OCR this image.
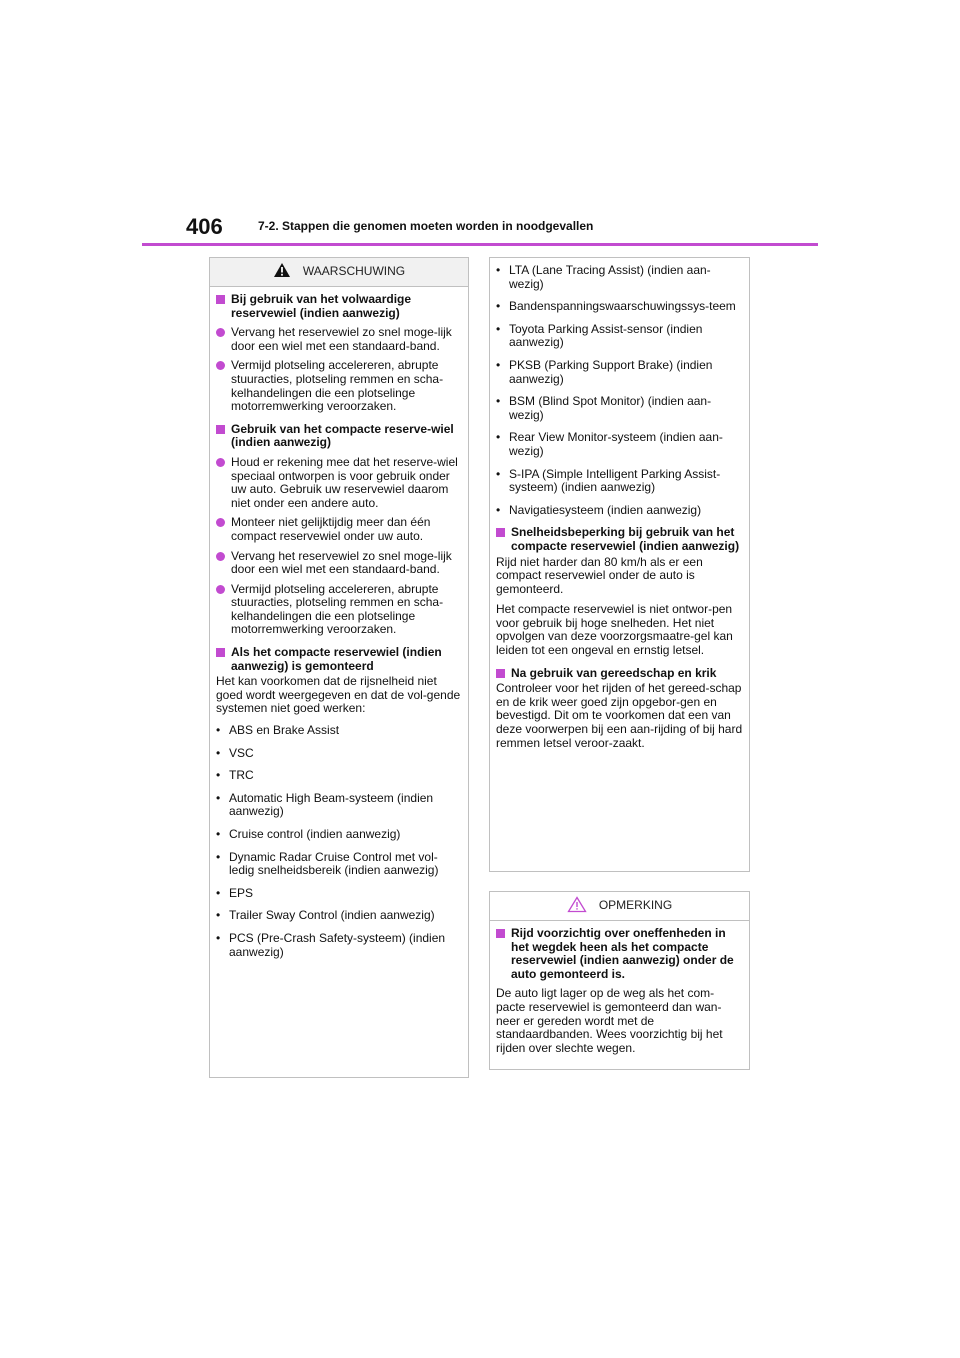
406	7-2. Stappen die genomen moeten worden in noodgevallen
WAARSCHUWING
Bij gebruik van het volwaardige reservewiel (indien aanwezig)
Vervang het reservewiel zo snel moge-lijk door een wiel met een standaard-band.
Vermijd plotseling accelereren, abrupte stuuracties, plotseling remmen en scha-kelhandelingen die een plotselinge motorremwerking veroorzaken.
Gebruik van het compacte reserve-wiel (indien aanwezig)
Houd er rekening mee dat het reserve-wiel speciaal ontworpen is voor gebruik onder uw auto. Gebruik uw reservewiel daarom niet onder een andere auto.
Monteer niet gelijktijdig meer dan één compact reservewiel onder uw auto.
Vervang het reservewiel zo snel moge-lijk door een wiel met een standaard-band.
Vermijd plotseling accelereren, abrupte stuuracties, plotseling remmen en scha-kelhandelingen die een plotselinge motorremwerking veroorzaken.
Als het compacte reservewiel (indien aanwezig) is gemonteerd
Het kan voorkomen dat de rijsnelheid niet goed wordt weergegeven en dat de vol-gende systemen niet goed werken:
• ABS en Brake Assist
• VSC
• TRC
• Automatic High Beam-systeem (indien aanwezig)
• Cruise control (indien aanwezig)
• Dynamic Radar Cruise Control met vol-ledig snelheidsbereik (indien aanwezig)
• EPS
• Trailer Sway Control (indien aanwezig)
• PCS (Pre-Crash Safety-systeem) (indien aanwezig)
• LTA (Lane Tracing Assist) (indien aan-wezig)
• Bandenspanningswaarschuwingssys-teem
• Toyota Parking Assist-sensor (indien aanwezig)
• PKSB (Parking Support Brake) (indien aanwezig)
• BSM (Blind Spot Monitor) (indien aan-wezig)
• Rear View Monitor-systeem (indien aan-wezig)
• S-IPA (Simple Intelligent Parking Assist-systeem) (indien aanwezig)
• Navigatiesysteem (indien aanwezig)
Snelheidsbeperking bij gebruik van het compacte reservewiel (indien aanwezig)
Rijd niet harder dan 80 km/h als er een compact reservewiel onder de auto is gemonteerd.
Het compacte reservewiel is niet ontwor-pen voor gebruik bij hoge snelheden. Het niet opvolgen van deze voorzorgsmaatre-gel kan leiden tot een ongeval en ernstig letsel.
Na gebruik van gereedschap en krik
Controleer voor het rijden of het gereed-schap en de krik weer goed zijn opgebor-gen en bevestigd. Dit om te voorkomen dat een van deze voorwerpen bij een aan-rijding of bij hard remmen letsel veroor-zaakt.
OPMERKING
Rijd voorzichtig over oneffenheden in het wegdek heen als het compacte reservewiel (indien aanwezig) onder de auto gemonteerd is.
De auto ligt lager op de weg als het com-pacte reservewiel is gemonteerd dan wan-neer er gereden wordt met de standaardbanden. Wees voorzichtig bij het rijden over slechte wegen.
